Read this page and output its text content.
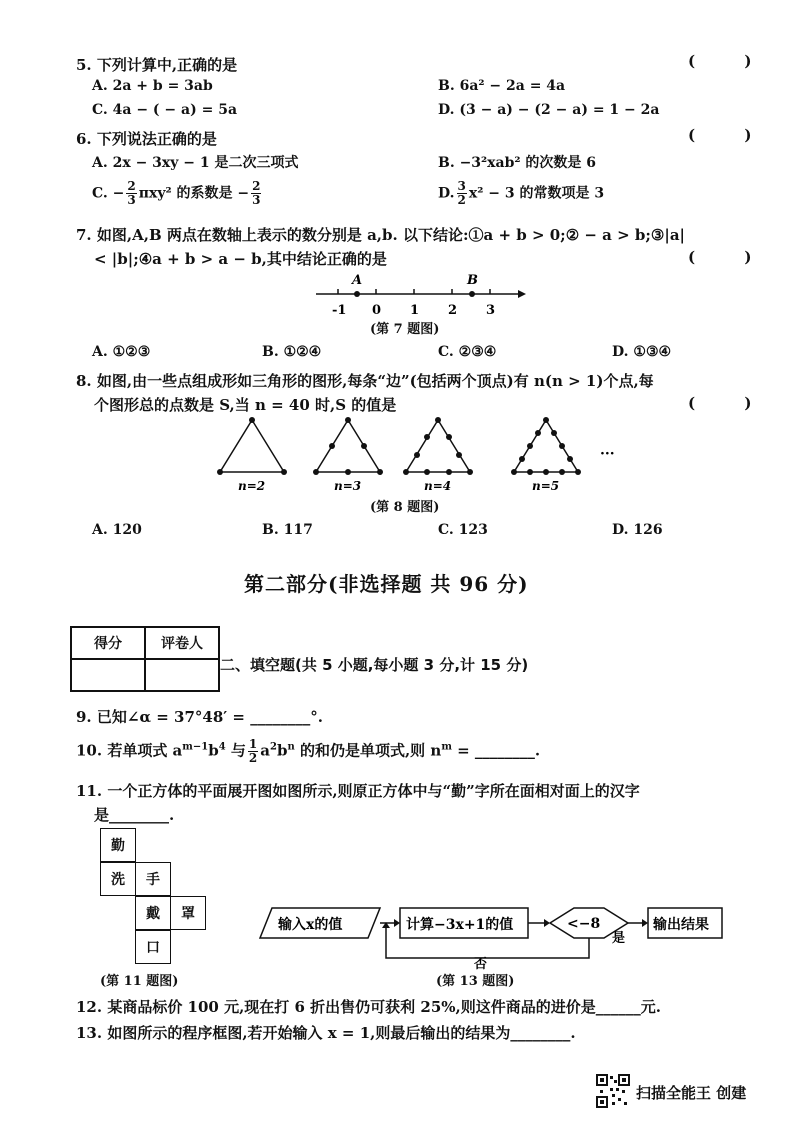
5. 下列计算中,正确的是	( )
A. 2a + b = 3ab	B. 6a² − 2a = 4a
C. 4a − ( − a) = 5a	D. (3 − a) − (2 − a) = 1 − 2a
6. 下列说法正确的是	( )
A. 2x − 3xy − 1 是二次三项式	B. −3²xab² 的次数是 6
C. − $\frac{2}{3} \pi xy^2$ 的系数是 − $\frac{2}{3}$	D. $\frac{3}{2} x^2 - 3$ 的常数项是 3
7. 如图,A,B 两点在数轴上表示的数分别是 a,b. 以下结论:①a + b > 0;② − a > b;③|a|
< |b|;④a + b > a − b,其中结论正确的是	( )
A	B
-1 0 1 2 3
(第 7 题图)
A. ①②③	B. ①②④	C. ②③④	D. ①③④
8. 如图,由一些点组成形如三角形的图形,每条“边”(包括两个顶点)有 n(n > 1)个点,每
个图形总的点数是 S,当 n = 40 时,S 的值是	( )
···
n=2	n=3	n=4	n=5
(第 8 题图)
A. 120	B. 117	C. 123	D. 126
第二部分(非选择题 共 96 分)
得分	评卷人

二、填空题(共 5 小题,每小题 3 分,计 15 分)
9. 已知∠α = 37°48′ = ________°.
10. 若单项式 $a^{m-1}b^4$ 与 $\frac{1}{2} a^2b^n$ 的和仍是单项式,则 $n^m$ = ________.
11. 一个正方体的平面展开图如图所示,则原正方体中与“勤”字所在面相对面上的汉字
是________.
勤
洗	手
戴	罩
口
(第 11 题图)
输入x的值	计算−3x+1的值	<−8	输出结果
是
否
(第 13 题图)
12. 某商品标价 100 元,现在打 6 折出售仍可获利 25%,则这件商品的进价是______元.
13. 如图所示的程序框图,若开始输入 x = 1,则最后输出的结果为________.
扫描全能王 创建
